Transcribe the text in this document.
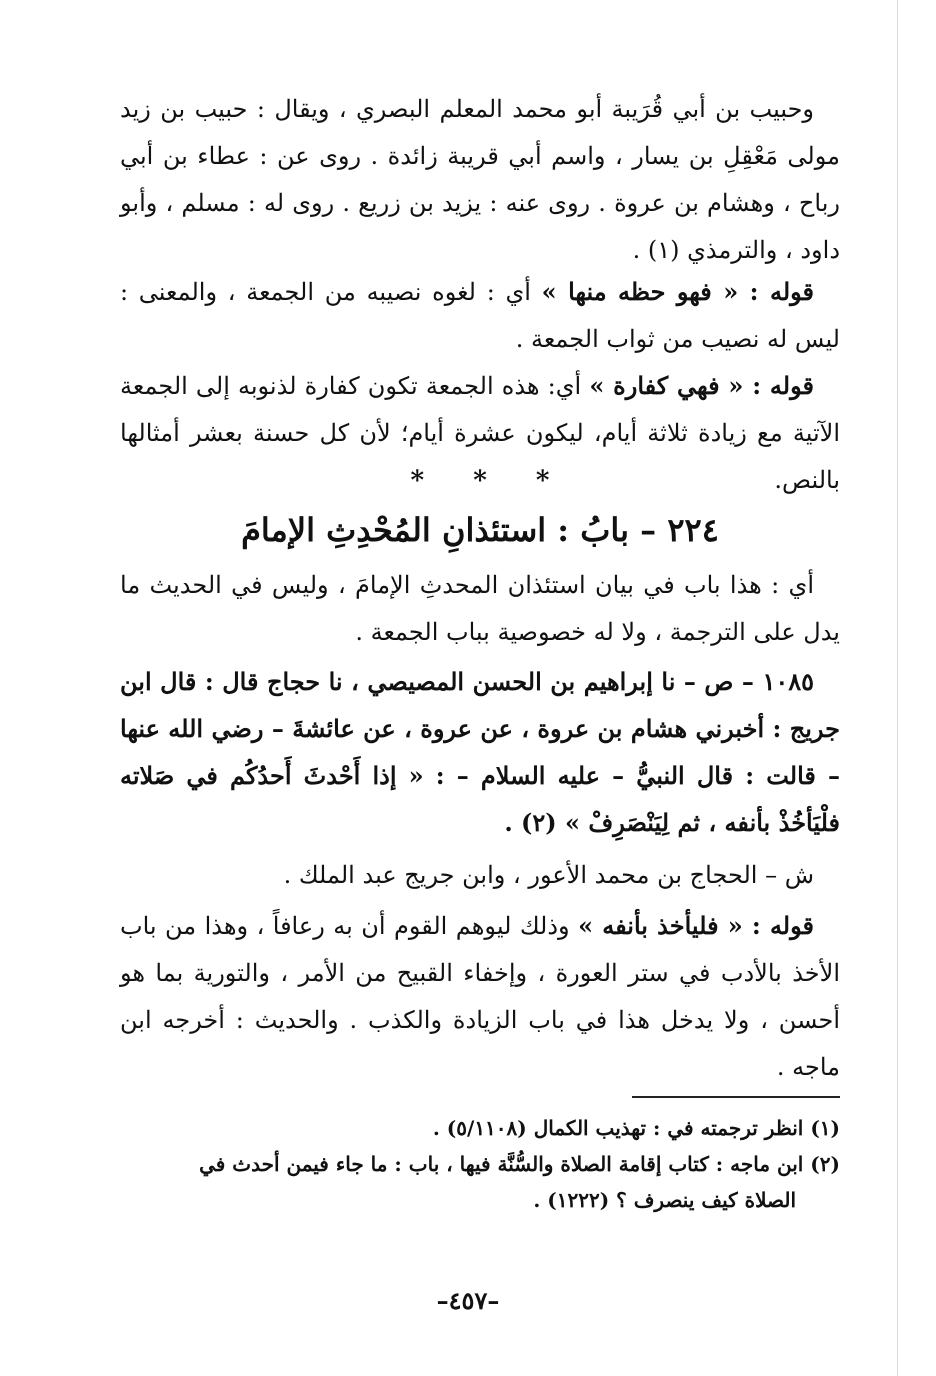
وحبيب بن أبي قُرَيبة أبو محمد المعلم البصري ، ويقال : حبيب بن زيد مولى مَعْقِلِ بن يسار ، واسم أبي قريبة زائدة . روى عن : عطاء بن أبي رباح ، وهشام بن عروة . روى عنه : يزيد بن زريع . روى له : مسلم ، وأبو داود ، والترمذي (١) .

قوله : « فهو حظه منها » أي : لغوه نصيبه من الجمعة ، والمعنى : ليس له نصيب من ثواب الجمعة .

قوله : « فهي كفارة » أي: هذه الجمعة تكون كفارة لذنوبه إلى الجمعة الآتية مع زيادة ثلاثة أيام، ليكون عشرة أيام؛ لأن كل حسنة بعشر أمثالها بالنص.

* * *
٢٢٤ – بابُ : استئذانِ المُحْدِثِ الإمامَ

أي : هذا باب في بيان استئذان المحدثِ الإمامَ ، وليس في الحديث ما يدل على الترجمة ، ولا له خصوصية بباب الجمعة .

١٠٨٥ – ص – نا إبراهيم بن الحسن المصيصي ، نا حجاج قال : قال ابن جريج : أخبرني هشام بن عروة ، عن عروة ، عن عائشةَ – رضي الله عنها – قالت : قال النبيُّ – عليه السلام – : « إذا أَحْدثَ أَحدُكُم في صَلاته فلْيَأخُذْ بأنفه ، ثم لِيَنْصَرِفْ » (٢) .

ش – الحجاج بن محمد الأعور ، وابن جريج عبد الملك .

قوله : « فليأخذ بأنفه » وذلك ليوهم القوم أن به رعافاً ، وهذا من باب الأخذ بالأدب في ستر العورة ، وإخفاء القبيح من الأمر ، والتورية بما هو أحسن ، ولا يدخل هذا في باب الزيادة والكذب . والحديث : أخرجه ابن ماجه .

(١) انظر ترجمته في : تهذيب الكمال (٥/١١٠٨) .

(٢) ابن ماجه : كتاب إقامة الصلاة والسُّنَّة فيها ، باب : ما جاء فيمن أحدث في

الصلاة كيف ينصرف ؟ (١٢٢٢) .

–٤٥٧–
